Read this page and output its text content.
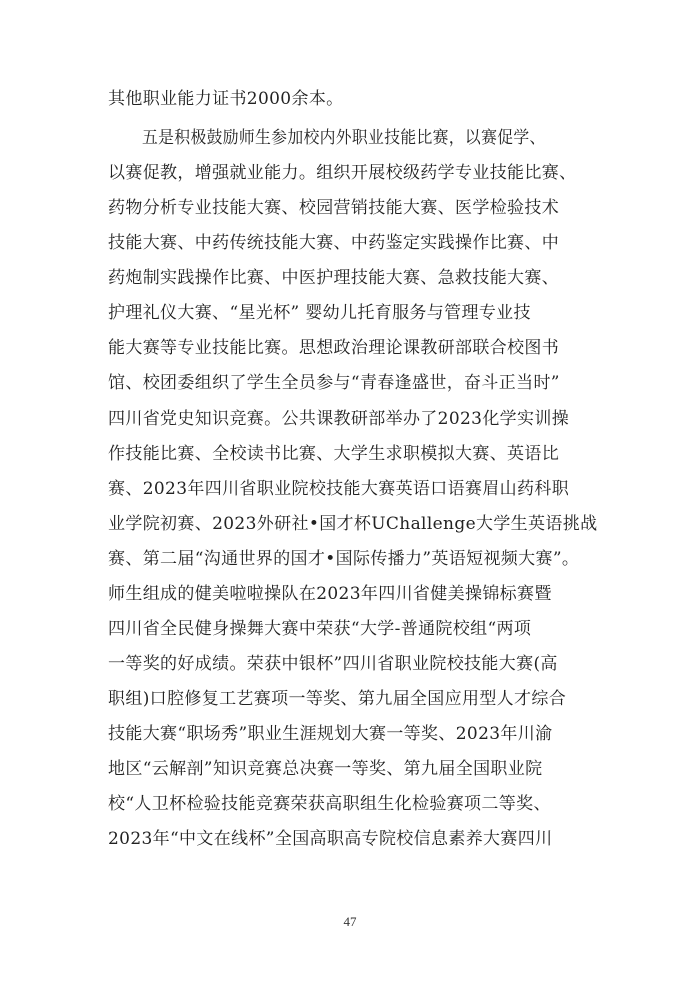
其他职业能力证书2000余本。
五是积极鼓励师生参加校内外职业技能比赛，以赛促学、
以赛促教，增强就业能力。组织开展校级药学专业技能比赛、
药物分析专业技能大赛、校园营销技能大赛、医学检验技术
技能大赛、中药传统技能大赛、中药鉴定实践操作比赛、中
药炮制实践操作比赛、中医护理技能大赛、急救技能大赛、
护理礼仪大赛、“星光杯” 婴幼儿托育服务与管理专业技
能大赛等专业技能比赛。思想政治理论课教研部联合校图书
馆、校团委组织了学生全员参与“青春逢盛世，奋斗正当时”
四川省党史知识竞赛。公共课教研部举办了2023化学实训操
作技能比赛、全校读书比赛、大学生求职模拟大赛、英语比
赛、2023年四川省职业院校技能大赛英语口语赛眉山药科职
业学院初赛、2023外研社•国才杯UChallenge大学生英语挑战
赛、第二届“沟通世界的国才•国际传播力”英语短视频大赛”。
师生组成的健美啦啦操队在2023年四川省健美操锦标赛暨
四川省全民健身操舞大赛中荣获“大学-普通院校组“两项
一等奖的好成绩。荣获中银杯”四川省职业院校技能大赛(高
职组)口腔修复工艺赛项一等奖、第九届全国应用型人才综合
技能大赛“职场秀”职业生涯规划大赛一等奖、2023年川渝
地区“云解剖”知识竞赛总决赛一等奖、第九届全国职业院
校“人卫杯检验技能竞赛荣获高职组生化检验赛项二等奖、
2023年“中文在线杯”全国高职高专院校信息素养大赛四川
47
